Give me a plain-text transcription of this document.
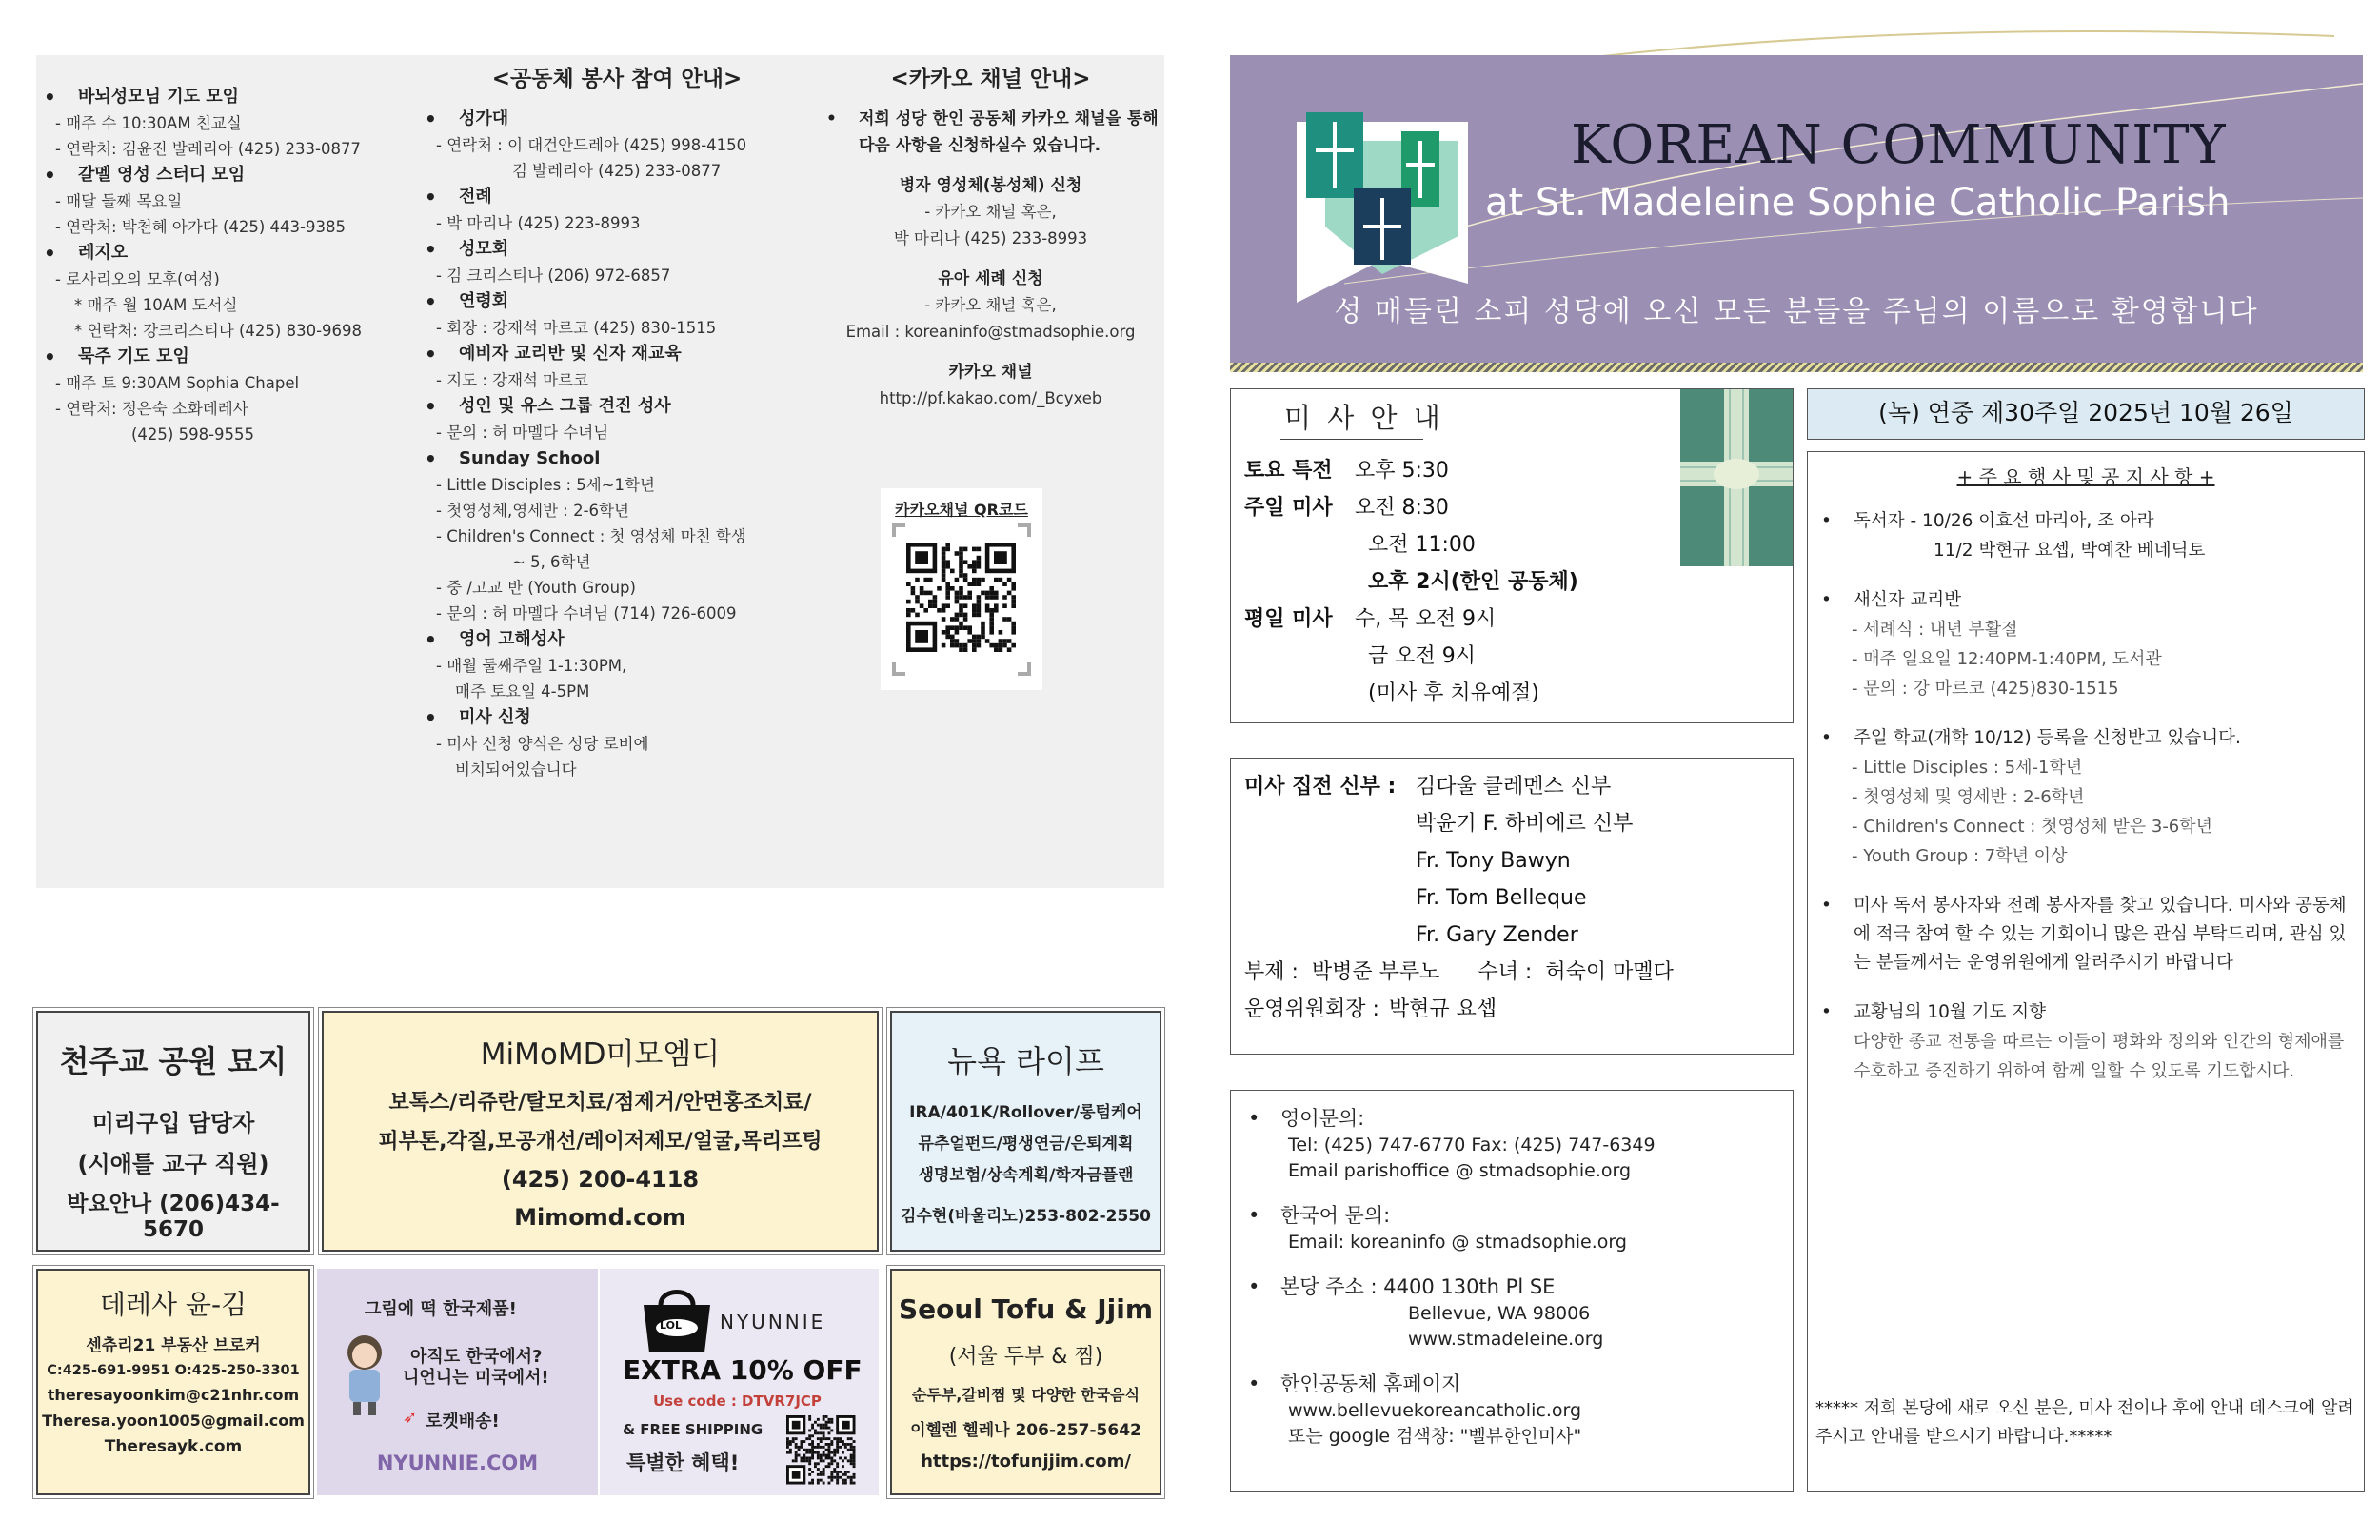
• 바뇌성모님 기도 모임
- 매주 수 10:30AM 친교실
- 연락처: 김윤진 발레리아 (425) 233-0877
• 갈멜 영성 스터디 모임
- 매달 둘째 목요일
- 연락처: 박천혜 아가다 (425) 443-9385
• 레지오
- 로사리오의 모후(여성)
* 매주 월 10AM 도서실
* 연락처: 강크리스티나 (425) 830-9698
• 묵주 기도 모임
- 매주 토 9:30AM Sophia Chapel
- 연락처: 정은숙 소화데레사
(425) 598-9555
<공동체 봉사 참여 안내>
• 성가대
- 연락처 : 이 대건안드레아 (425) 998-4150
김 발레리아 (425) 233-0877
• 전례
- 박 마리나 (425) 223-8993
• 성모회
- 김 크리스티나 (206) 972-6857
• 연령회
- 회장 : 강재석 마르코 (425) 830-1515
• 예비자 교리반 및 신자 재교육
- 지도 : 강재석 마르코
• 성인 및 유스 그룹 견진 성사
- 문의 : 허 마멜다 수녀님
• Sunday School
- Little Disciples : 5세~1학년
- 첫영성체,영세반 : 2-6학년
- Children's Connect : 첫 영성체 마친 학생
~ 5, 6학년
- 중 /고교 반 (Youth Group)
- 문의 : 허 마멜다 수녀님 (714) 726-6009
• 영어 고해성사
- 매월 둘째주일 1-1:30PM,
매주 토요일 4-5PM
• 미사 신청
- 미사 신청 양식은 성당 로비에
비치되어있습니다
<카카오 채널 안내>
• 저희 성당 한인 공동체 카카오 채널을 통해 다음 사항을 신청하실수 있습니다.
병자 영성체(봉성체) 신청
- 카카오 채널 혹은,
박 마리나 (425) 233-8993
유아 세례 신청
- 카카오 채널 혹은,
Email : koreaninfo@stmadsophie.org
카카오 채널
http://pf.kakao.com/_Bcyxeb
카카오채널 QR코드
천주교 공원 묘지
미리구입 담당자
(시애틀 교구 직원)
박요안나 (206)434-5670
MiMoMD미모엠디
보톡스/리쥬란/탈모치료/점제거/안면홍조치료/
피부톤,각질,모공개선/레이저제모/얼굴,목리프팅
(425) 200-4118
Mimomd.com
뉴욕 라이프
IRA/401K/Rollover/롱텀케어
뮤추얼펀드/평생연금/은퇴계획
생명보험/상속계획/학자금플랜
김수현(바울리노)253-802-2550
데레사 윤-김
센츄리21 부동산 브로커
C:425-691-9951 O:425-250-3301
theresayoonkim@c21nhr.com
Theresa.yoon1005@gmail.com
Theresayk.com
그림에 떡 한국제품!
아직도 한국에서?
니언니는 미국에서!
➶ 로켓배송!
NYUNNIE.COM
LOL NYUNNIE
EXTRA 10% OFF
Use code : DTVR7JCP
& FREE SHIPPING
특별한 혜택!
Seoul Tofu & Jjim
(서울 두부 & 찜)
순두부,갈비찜 및 다양한 한국음식
이헬렌 헬레나 206-257-5642
https://tofunjjim.com/
KOREAN COMMUNITY
at St. Madeleine Sophie Catholic Parish
성 매들린 소피 성당에 오신 모든 분들을 주님의 이름으로 환영합니다
미 사 안 내
토요 특전	오후 5:30
주일 미사	오전 8:30
오전 11:00
오후 2시(한인 공동체)
평일 미사	수, 목 오전 9시
금 오전 9시
(미사 후 치유예절)
미사 집전 신부 : 김다울 클레멘스 신부
박윤기 F. 하비에르 신부
Fr. Tony Bawyn
Fr. Tom Belleque
Fr. Gary Zender
부제 : 박병준 부루노 수녀 : 허숙이 마멜다
운영위원회장 : 박현규 요셉
• 영어문의:
Tel: (425) 747-6770 Fax: (425) 747-6349
Email parishoffice @ stmadsophie.org
• 한국어 문의:
Email: koreaninfo @ stmadsophie.org
• 본당 주소 : 4400 130th Pl SE
Bellevue, WA 98006
www.stmadeleine.org
• 한인공동체 홈페이지
www.bellevuekoreancatholic.org
또는 google 검색창: "벨뷰한인미사"
(녹) 연중 제30주일 2025년 10월 26일
+ 주 요 행 사 및 공 지 사 항 +
• 독서자 - 10/26 이효선 마리아, 조 아라
11/2 박현규 요셉, 박예찬 베네딕토
• 새신자 교리반
- 세례식 : 내년 부활절
- 매주 일요일 12:40PM-1:40PM, 도서관
- 문의 : 강 마르코 (425)830-1515
• 주일 학교(개학 10/12) 등록을 신청받고 있습니다.
- Little Disciples : 5세-1학년
- 첫영성체 및 영세반 : 2-6학년
- Children's Connect : 첫영성체 받은 3-6학년
- Youth Group : 7학년 이상
• 미사 독서 봉사자와 전례 봉사자를 찾고 있습니다. 미사와 공동체에 적극 참여 할 수 있는 기회이니 많은 관심 부탁드리며, 관심 있는 분들께서는 운영위원에게 알려주시기 바랍니다
• 교황님의 10월 기도 지향
다양한 종교 전통을 따르는 이들이 평화와 정의와 인간의 형제애를 수호하고 증진하기 위하여 함께 일할 수 있도록 기도합시다.
***** 저희 본당에 새로 오신 분은, 미사 전이나 후에 안내 데스크에 알려주시고 안내를 받으시기 바랍니다.*****
